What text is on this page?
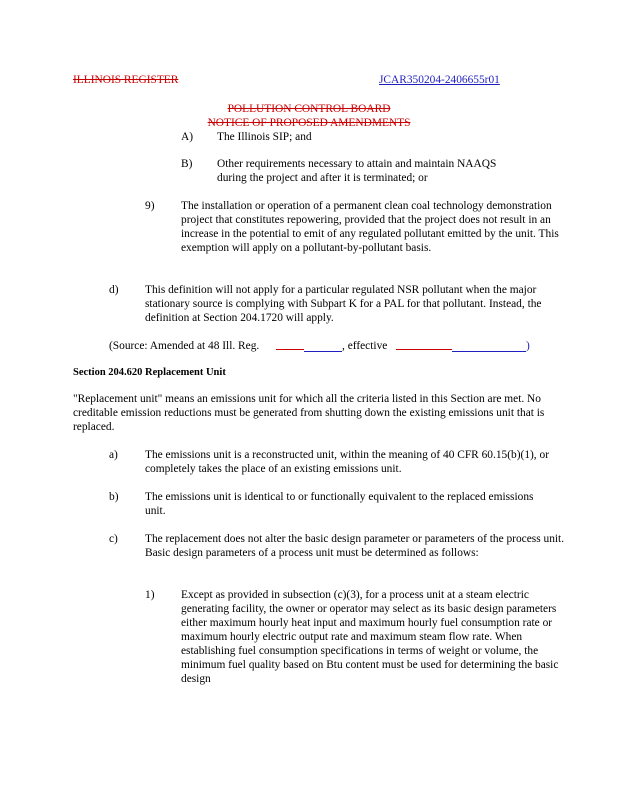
ILLINOIS REGISTER	JCAR350204-2406655r01
POLLUTION CONTROL BOARD
NOTICE OF PROPOSED AMENDMENTS
A) The Illinois SIP; and
B) Other requirements necessary to attain and maintain NAAQS during the project and after it is terminated; or
9) The installation or operation of a permanent clean coal technology demonstration project that constitutes repowering, provided that the project does not result in an increase in the potential to emit of any regulated pollutant emitted by the unit. This exemption will apply on a pollutant-by-pollutant basis.
d) This definition will not apply for a particular regulated NSR pollutant when the major stationary source is complying with Subpart K for a PAL for that pollutant. Instead, the definition at Section 204.1720 will apply.
(Source: Amended at 48 Ill. Reg.	, effective	)
Section 204.620 Replacement Unit
"Replacement unit" means an emissions unit for which all the criteria listed in this Section are met. No creditable emission reductions must be generated from shutting down the existing emissions unit that is replaced.
a) The emissions unit is a reconstructed unit, within the meaning of 40 CFR 60.15(b)(1), or completely takes the place of an existing emissions unit.
b) The emissions unit is identical to or functionally equivalent to the replaced emissions unit.
c) The replacement does not alter the basic design parameter or parameters of the process unit. Basic design parameters of a process unit must be determined as follows:
1) Except as provided in subsection (c)(3), for a process unit at a steam electric generating facility, the owner or operator may select as its basic design parameters either maximum hourly heat input and maximum hourly fuel consumption rate or maximum hourly electric output rate and maximum steam flow rate. When establishing fuel consumption specifications in terms of weight or volume, the minimum fuel quality based on Btu content must be used for determining the basic design
